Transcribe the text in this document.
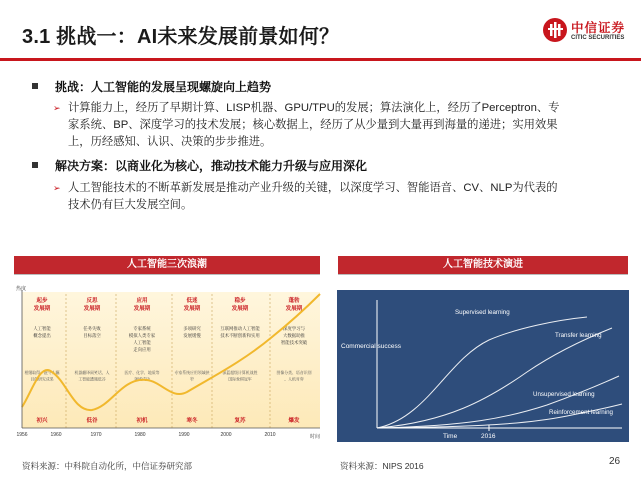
3.1 挑战一：AI未来发展前景如何？	中信证券
CITIC SECURITIES
挑战：人工智能的发展呈现螺旋向上趋势
➢ 计算能力上，经历了早期计算、LISP机器、GPU/TPU的发展；算法演化上，经历了Perceptron、专
家系统、BP、深度学习的技术发展；核心数据上，经历了从少量到大量再到海量的递进；实用效果
上，历经感知、认识、决策的步步推进。
解决方案：以商业化为核心，推动技术能力升级与应用深化
➢ 人工智能技术的不断革新发展是推动产业升级的关键，以深度学习、智能语音、CV、NLP为代表的
技术仍有巨大发展空间。
人工智能三次浪潮	人工智能技术演进
起步
发展期
人工智能
概念提出
相继取得一批令人瞩
目的研究成果
反思
发展期
任务失败
目标落空
机器翻译闹笑话，人
工智能遭遇低谷
应用
发展期
专家系统
模拟人类专家
人工智能
走向应用
医疗、化学、地质等
领域成功
低迷
发展期
多项研究
发展缓慢
专家系统应用领域狭
窄
稳步
发展期
互联网推动人工智能
技术不断创新和实用
深蓝超级计算机战胜
国际象棋冠军
蓬勃
发展期
深度学习与
大数据助推
智能技术突破
图像分类、语音识别
、人机对弈
初兴	低谷	初机	寒冬	复苏	爆发
1956	1960	1970	1980	1990	2000	2010
热度
时间
Supervised learning
Transfer learning
Unsupervised learning
Reinforcement learning
Commercial success
Time	2016
资料来源：中科院自动化所，中信证券研究部	资料来源：NIPS 2016	26
